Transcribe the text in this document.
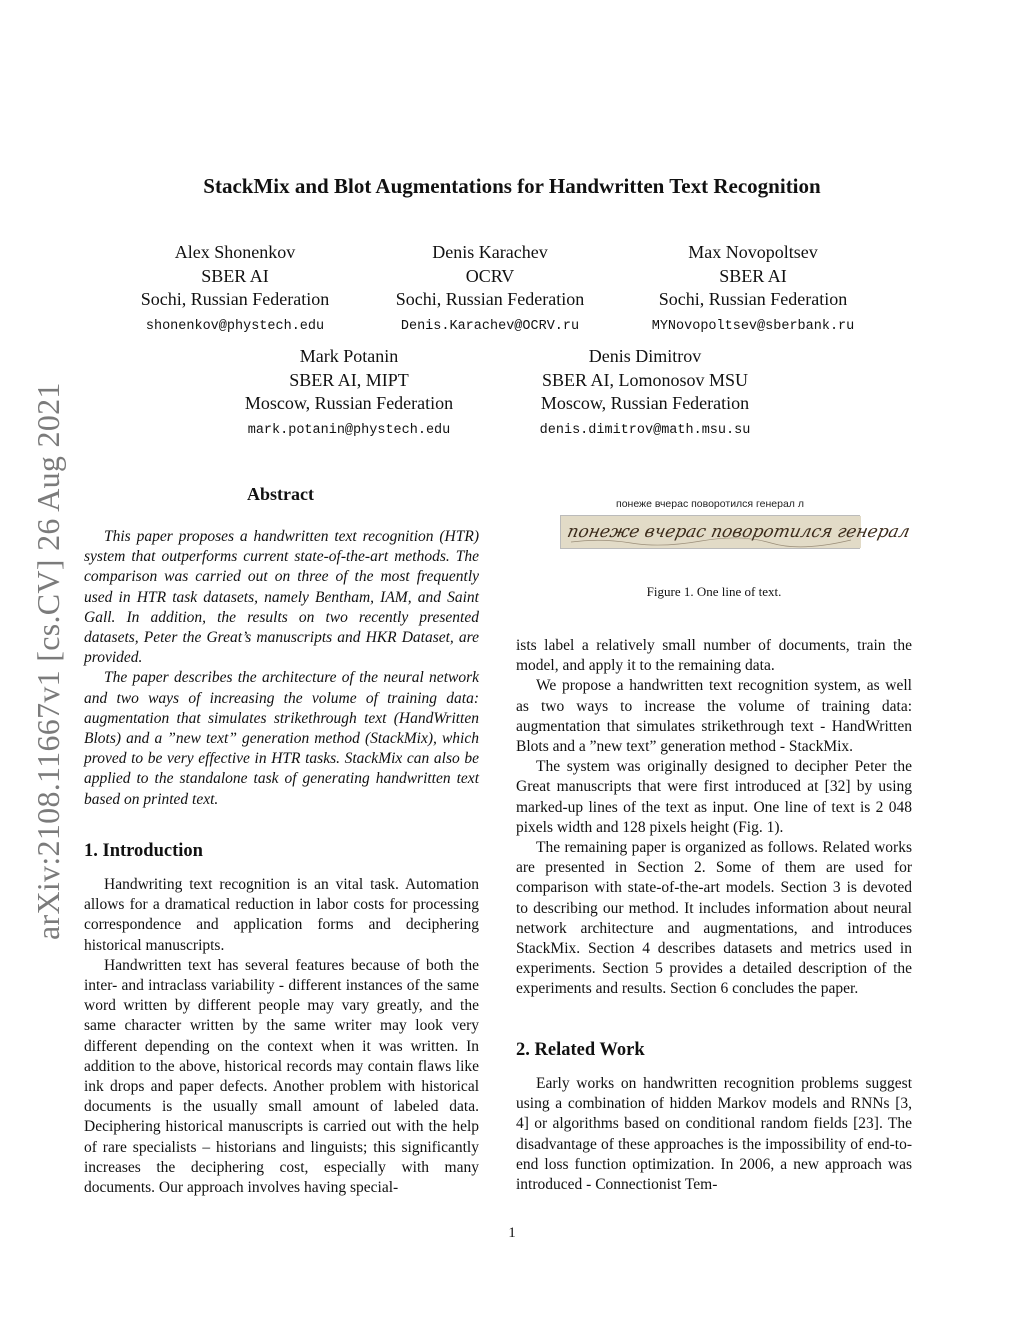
arXiv:2108.11667v1 [cs.CV] 26 Aug 2021
StackMix and Blot Augmentations for Handwritten Text Recognition
Alex Shonenkov
SBER AI
Sochi, Russian Federation
shonenkov@phystech.edu
Denis Karachev
OCRV
Sochi, Russian Federation
Denis.Karachev@OCRV.ru
Max Novopoltsev
SBER AI
Sochi, Russian Federation
MYNovopoltsev@sberbank.ru
Mark Potanin
SBER AI, MIPT
Moscow, Russian Federation
mark.potanin@phystech.edu
Denis Dimitrov
SBER AI, Lomonosov MSU
Moscow, Russian Federation
denis.dimitrov@math.msu.su
Abstract

This paper proposes a handwritten text recognition (HTR) system that outperforms current state-of-the-art methods. The comparison was carried out on three of the most frequently used in HTR task datasets, namely Bentham, IAM, and Saint Gall. In addition, the results on two recently presented datasets, Peter the Great’s manuscripts and HKR Dataset, are provided.

The paper describes the architecture of the neural network and two ways of increasing the volume of training data: augmentation that simulates strikethrough text (HandWritten Blots) and a ”new text” generation method (StackMix), which proved to be very effective in HTR tasks. StackMix can also be applied to the standalone task of generating handwritten text based on printed text.

1. Introduction

Handwriting text recognition is an vital task. Automation allows for a dramatical reduction in labor costs for processing correspondence and application forms and deciphering historical manuscripts.

Handwritten text has several features because of both the inter- and intraclass variability - different instances of the same word written by different people may vary greatly, and the same character written by the same writer may look very different depending on the context when it was written. In addition to the above, historical records may contain flaws like ink drops and paper defects. Another problem with historical documents is the usually small amount of labeled data. Deciphering historical manuscripts is carried out with the help of rare specialists – historians and linguists; this significantly increases the deciphering cost, especially with many documents. Our approach involves having special-

понеже вчерас поворотился генерал л
понеже вчерас поворотился генерал
Figure 1. One line of text.

ists label a relatively small number of documents, train the model, and apply it to the remaining data.

We propose a handwritten text recognition system, as well as two ways to increase the volume of training data: augmentation that simulates strikethrough text - HandWritten Blots and a ”new text” generation method - StackMix.

The system was originally designed to decipher Peter the Great manuscripts that were first introduced at [32] by using marked-up lines of the text as input. One line of text is 2 048 pixels width and 128 pixels height (Fig. 1).

The remaining paper is organized as follows. Related works are presented in Section 2. Some of them are used for comparison with state-of-the-art models. Section 3 is devoted to describing our method. It includes information about neural network architecture and augmentations, and introduces StackMix. Section 4 describes datasets and metrics used in experiments. Section 5 provides a detailed description of the experiments and results. Section 6 concludes the paper.

2. Related Work

Early works on handwritten recognition problems suggest using a combination of hidden Markov models and RNNs [3, 4] or algorithms based on conditional random fields [23]. The disadvantage of these approaches is the impossibility of end-to-end loss function optimization. In 2006, a new approach was introduced - Connectionist Tem-

1
